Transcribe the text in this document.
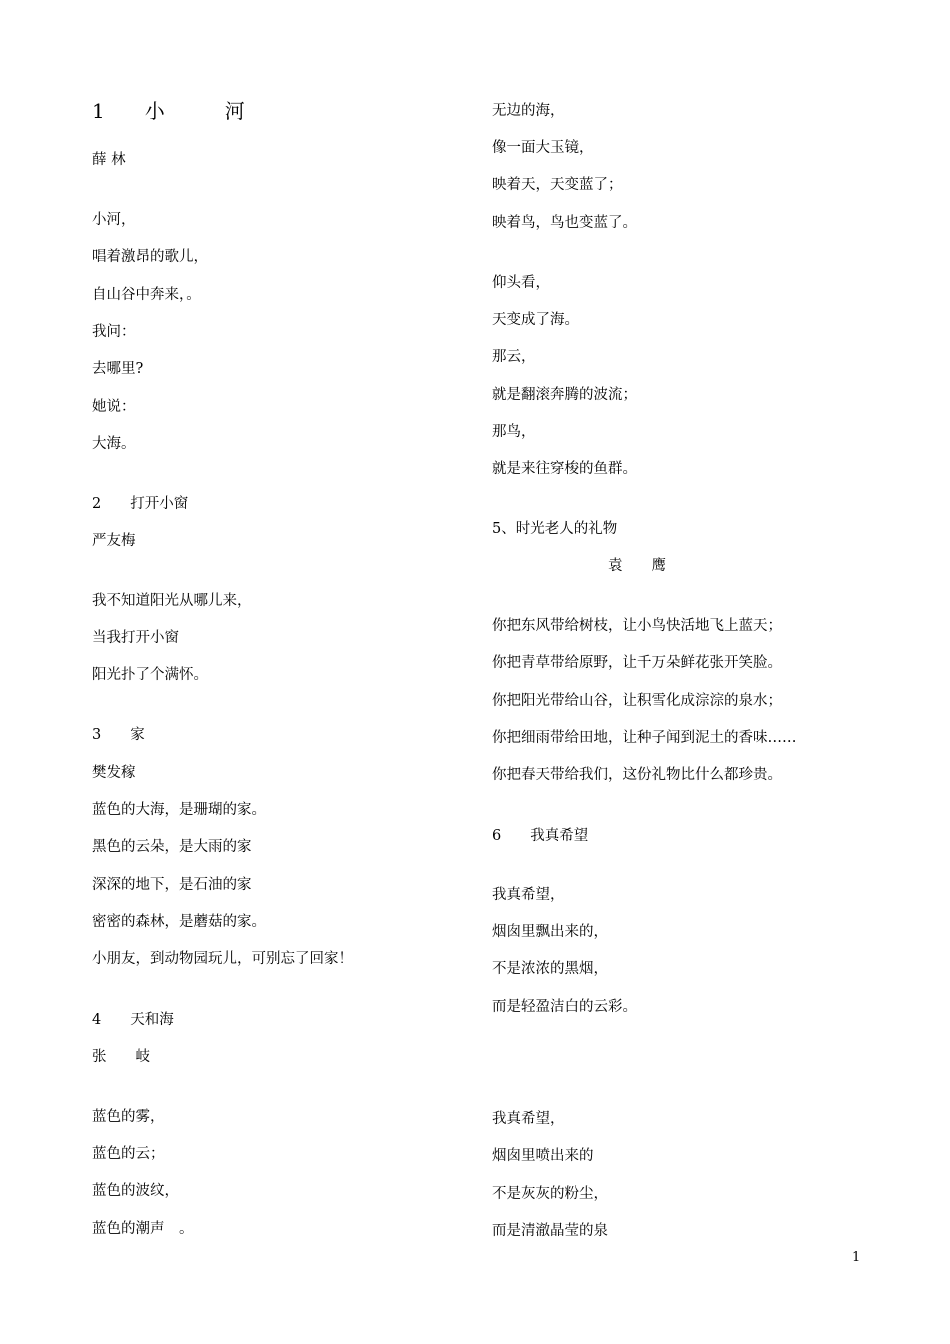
1　　小　　　河
薛 林
小河，
唱着激昂的歌儿，
自山谷中奔来，。
我问：
去哪里?
她说：
大海。
2　　打开小窗
严友梅
我不知道阳光从哪儿来，
当我打开小窗
阳光扑了个满怀。
3　　家
樊发稼
蓝色的大海，是珊瑚的家。
黑色的云朵，是大雨的家
深深的地下，是石油的家
密密的森林，是蘑菇的家。
小朋友，到动物园玩儿，可别忘了回家！
4　　天和海
张　　岐
蓝色的雾，
蓝色的云；
蓝色的波纹，
蓝色的潮声　。
无边的海，
像一面大玉镜，
映着天，天变蓝了；
映着鸟，鸟也变蓝了。
仰头看，
天变成了海。
那云，
就是翻滚奔腾的波流；
那鸟，
就是来往穿梭的鱼群。
5、时光老人的礼物
　　　　　　　　袁　　鹰
你把东风带给树枝，让小鸟快活地飞上蓝天；
你把青草带给原野，让千万朵鲜花张开笑脸。
你把阳光带给山谷，让积雪化成淙淙的泉水；
你把细雨带给田地，让种子闻到泥土的香味……
你把春天带给我们，这份礼物比什么都珍贵。
6　　我真希望
我真希望，
烟囱里飘出来的，
不是浓浓的黑烟，
而是轻盈洁白的云彩。
我真希望，
烟囱里喷出来的
不是灰灰的粉尘，
而是清澈晶莹的泉
1
